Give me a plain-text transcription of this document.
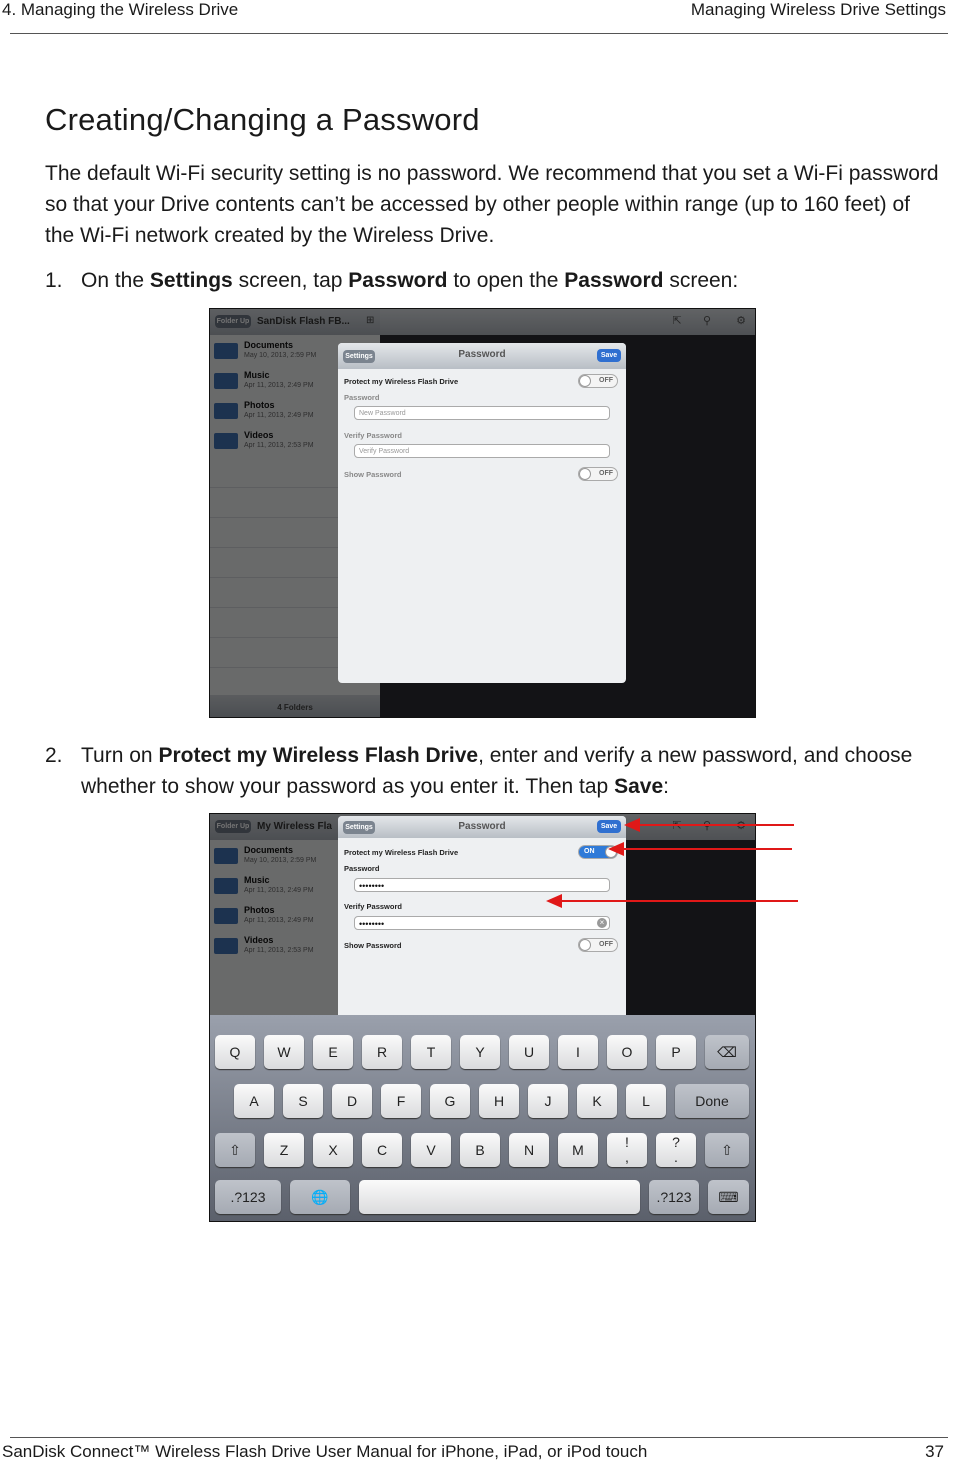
4. Managing the Wireless Drive	Managing Wireless Drive Settings
Creating/Changing a Password
The default Wi-Fi security setting is no password. We recommend that you set a Wi-Fi password so that your Drive contents can’t be accessed by other people within range (up to 160 feet) of the Wi-Fi network created by the Wireless Drive.
1. On the Settings screen, tap Password to open the Password screen:
Settings	Password	Save
Protect my Wireless Flash Drive	OFF
Password
New Password
Verify Password
Verify Password
Show Password	OFF
2. Turn on Protect my Wireless Flash Drive, enter and verify a new password, and choose whether to show your password as you enter it. Then tap Save:
Settings	Password	Save
Protect my Wireless Flash Drive	ON
Password
••••••••
Verify Password
••••••••	×
Show Password	OFF
Q	W	E	R	T	Y	U	I	O	P	⌫
A	S	D	F	G	H	J	K	L	Done
⇧	Z	X	C	V	B	N	M	!
,
?
.	⇧
.?123	🌐	.?123	⌨
SanDisk Connect™ Wireless Flash Drive User Manual for iPhone, iPad, or iPod touch	37
